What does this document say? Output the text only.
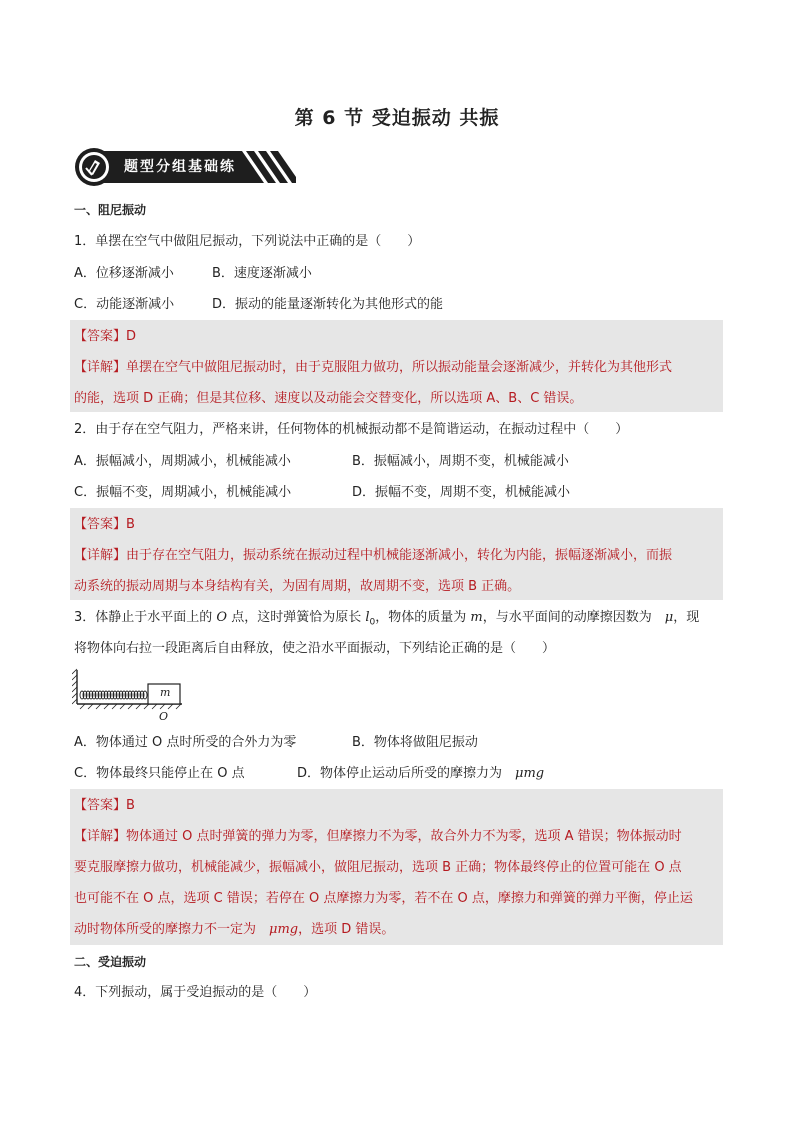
第 6 节 受迫振动 共振
题型分组基础练
一、阻尼振动
1．单摆在空气中做阻尼振动，下列说法中正确的是（　　）
A．位移逐渐减小	B．速度逐渐减小
C．动能逐渐减小	D．振动的能量逐渐转化为其他形式的能
【答案】D
【详解】单摆在空气中做阻尼振动时，由于克服阻力做功，所以振动能量会逐渐减少，并转化为其他形式
的能，选项 D 正确；但是其位移、速度以及动能会交替变化，所以选项 A、B、C 错误。
2．由于存在空气阻力，严格来讲，任何物体的机械振动都不是简谐运动，在振动过程中（　　）
A．振幅减小，周期减小，机械能减小	B．振幅减小，周期不变，机械能减小
C．振幅不变，周期减小，机械能减小	D．振幅不变，周期不变，机械能减小
【答案】B
【详解】由于存在空气阻力，振动系统在振动过程中机械能逐渐减小，转化为内能，振幅逐渐减小，而振
动系统的振动周期与本身结构有关，为固有周期，故周期不变，选项 B 正确。
3．体静止于水平面上的 O 点，这时弹簧恰为原长 $l_0$，物体的质量为 m，与水平面间的动摩擦因数为　μ，现
将物体向右拉一段距离后自由释放，使之沿水平面振动，下列结论正确的是（　　）
m
O
A．物体通过 O 点时所受的合外力为零	B．物体将做阻尼振动
C．物体最终只能停止在 O 点	D．物体停止运动后所受的摩擦力为　μmg
【答案】B
【详解】物体通过 O 点时弹簧的弹力为零，但摩擦力不为零，故合外力不为零，选项 A 错误；物体振动时
要克服摩擦力做功，机械能减少，振幅减小，做阻尼振动，选项 B 正确；物体最终停止的位置可能在 O 点
也可能不在 O 点，选项 C 错误；若停在 O 点摩擦力为零，若不在 O 点，摩擦力和弹簧的弹力平衡，停止运
动时物体所受的摩擦力不一定为　μmg，选项 D 错误。
二、受迫振动
4．下列振动，属于受迫振动的是（　　）
